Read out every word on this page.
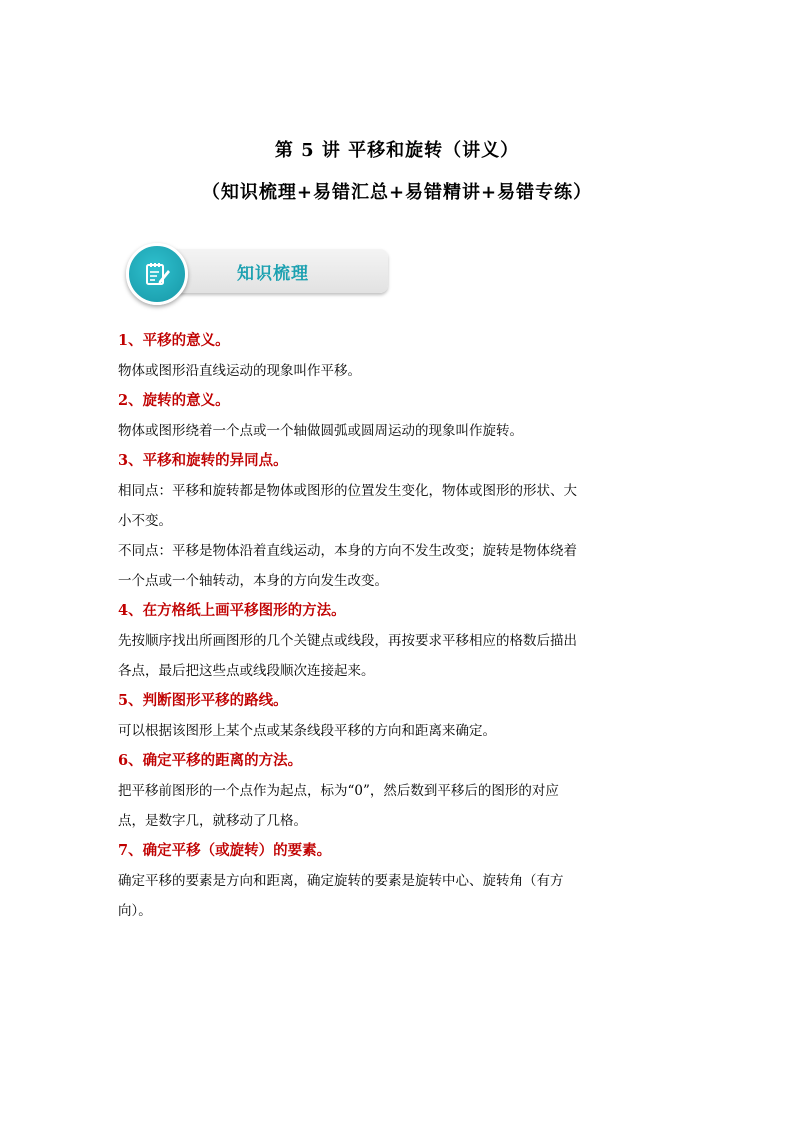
第 5 讲 平移和旋转（讲义）
（知识梳理+易错汇总+易错精讲+易错专练）
知识梳理
1、平移的意义。

物体或图形沿直线运动的现象叫作平移。

2、旋转的意义。

物体或图形绕着一个点或一个轴做圆弧或圆周运动的现象叫作旋转。

3、平移和旋转的异同点。

相同点：平移和旋转都是物体或图形的位置发生变化，物体或图形的形状、大

小不变。

不同点：平移是物体沿着直线运动，本身的方向不发生改变；旋转是物体绕着

一个点或一个轴转动，本身的方向发生改变。

4、在方格纸上画平移图形的方法。

先按顺序找出所画图形的几个关键点或线段，再按要求平移相应的格数后描出

各点，最后把这些点或线段顺次连接起来。

5、判断图形平移的路线。

可以根据该图形上某个点或某条线段平移的方向和距离来确定。

6、确定平移的距离的方法。

把平移前图形的一个点作为起点，标为“0”，然后数到平移后的图形的对应

点，是数字几，就移动了几格。

7、确定平移（或旋转）的要素。

确定平移的要素是方向和距离，确定旋转的要素是旋转中心、旋转角（有方

向）。
